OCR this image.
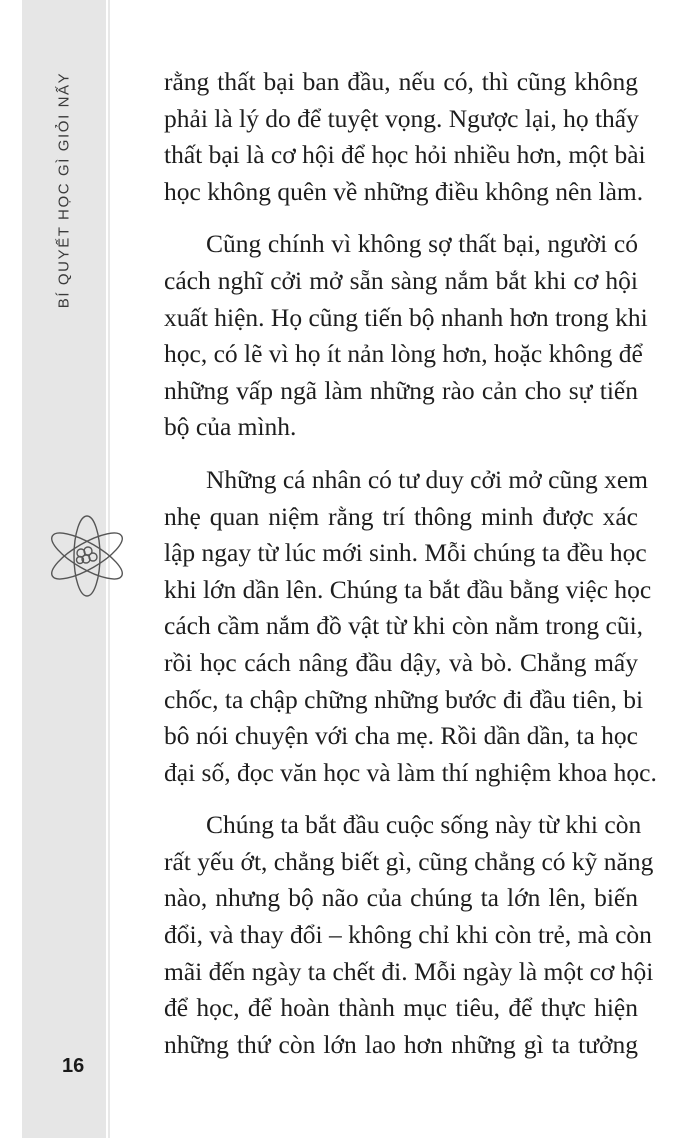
BÍ QUYẾT HỌC GÌ GIỎI NẤY
16
rằng thất bại ban đầu, nếu có, thì cũng không
phải là lý do để tuyệt vọng. Ngược lại, họ thấy
thất bại là cơ hội để học hỏi nhiều hơn, một bài
học không quên về những điều không nên làm.
Cũng chính vì không sợ thất bại, người có
cách nghĩ cởi mở sẵn sàng nắm bắt khi cơ hội
xuất hiện. Họ cũng tiến bộ nhanh hơn trong khi
học, có lẽ vì họ ít nản lòng hơn, hoặc không để
những vấp ngã làm những rào cản cho sự tiến
bộ của mình.
Những cá nhân có tư duy cởi mở cũng xem
nhẹ quan niệm rằng trí thông minh được xác
lập ngay từ lúc mới sinh. Mỗi chúng ta đều học
khi lớn dần lên. Chúng ta bắt đầu bằng việc học
cách cầm nắm đồ vật từ khi còn nằm trong cũi,
rồi học cách nâng đầu dậy, và bò. Chẳng mấy
chốc, ta chập chững những bước đi đầu tiên, bi
bô nói chuyện với cha mẹ. Rồi dần dần, ta học
đại số, đọc văn học và làm thí nghiệm khoa học.
Chúng ta bắt đầu cuộc sống này từ khi còn
rất yếu ớt, chẳng biết gì, cũng chẳng có kỹ năng
nào, nhưng bộ não của chúng ta lớn lên, biến
đổi, và thay đổi – không chỉ khi còn trẻ, mà còn
mãi đến ngày ta chết đi. Mỗi ngày là một cơ hội
để học, để hoàn thành mục tiêu, để thực hiện
những thứ còn lớn lao hơn những gì ta tưởng
